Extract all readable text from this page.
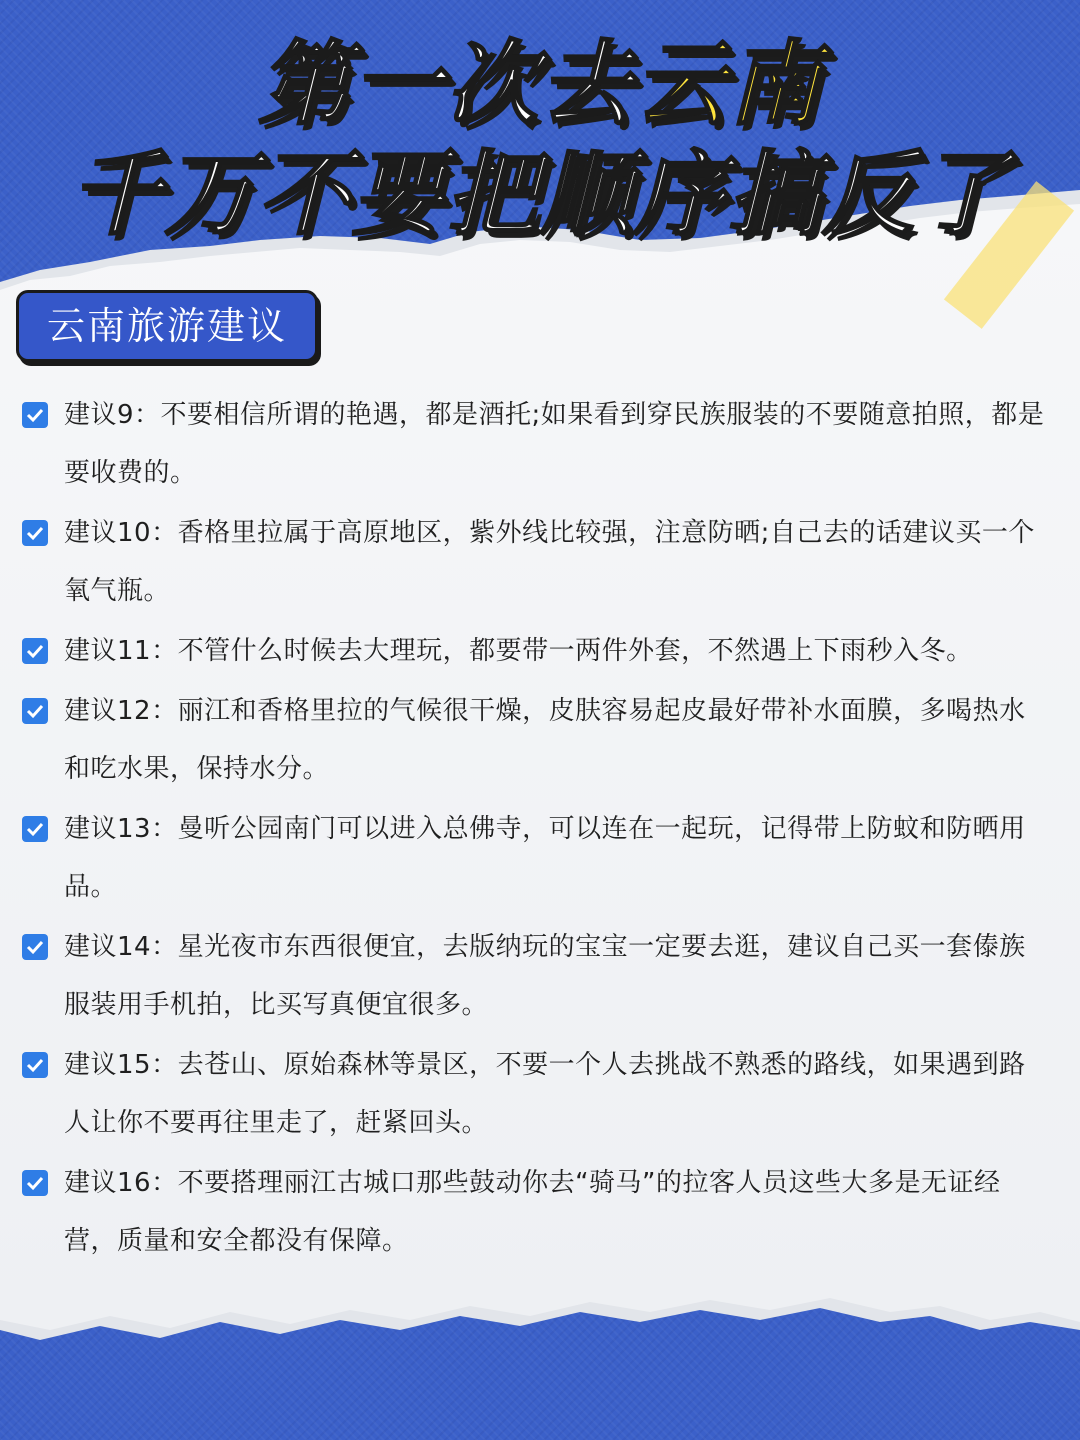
第一次去云南
千万不要把顺序搞反了
云南旅游建议
建议9：不要相信所谓的艳遇，都是酒托;如果看到穿民族服装的不要随意拍照，都是要收费的。
建议10：香格里拉属于高原地区，紫外线比较强，注意防晒;自己去的话建议买一个氧气瓶。
建议11：不管什么时候去大理玩，都要带一两件外套，不然遇上下雨秒入冬。
建议12：丽江和香格里拉的气候很干燥，皮肤容易起皮最好带补水面膜，多喝热水和吃水果，保持水分。
建议13：曼听公园南门可以进入总佛寺，可以连在一起玩，记得带上防蚊和防晒用品。
建议14：星光夜市东西很便宜，去版纳玩的宝宝一定要去逛，建议自己买一套傣族服装用手机拍，比买写真便宜很多。
建议15：去苍山、原始森林等景区，不要一个人去挑战不熟悉的路线，如果遇到路人让你不要再往里走了，赶紧回头。
建议16：不要搭理丽江古城口那些鼓动你去“骑马”的拉客人员这些大多是无证经营，质量和安全都没有保障。
